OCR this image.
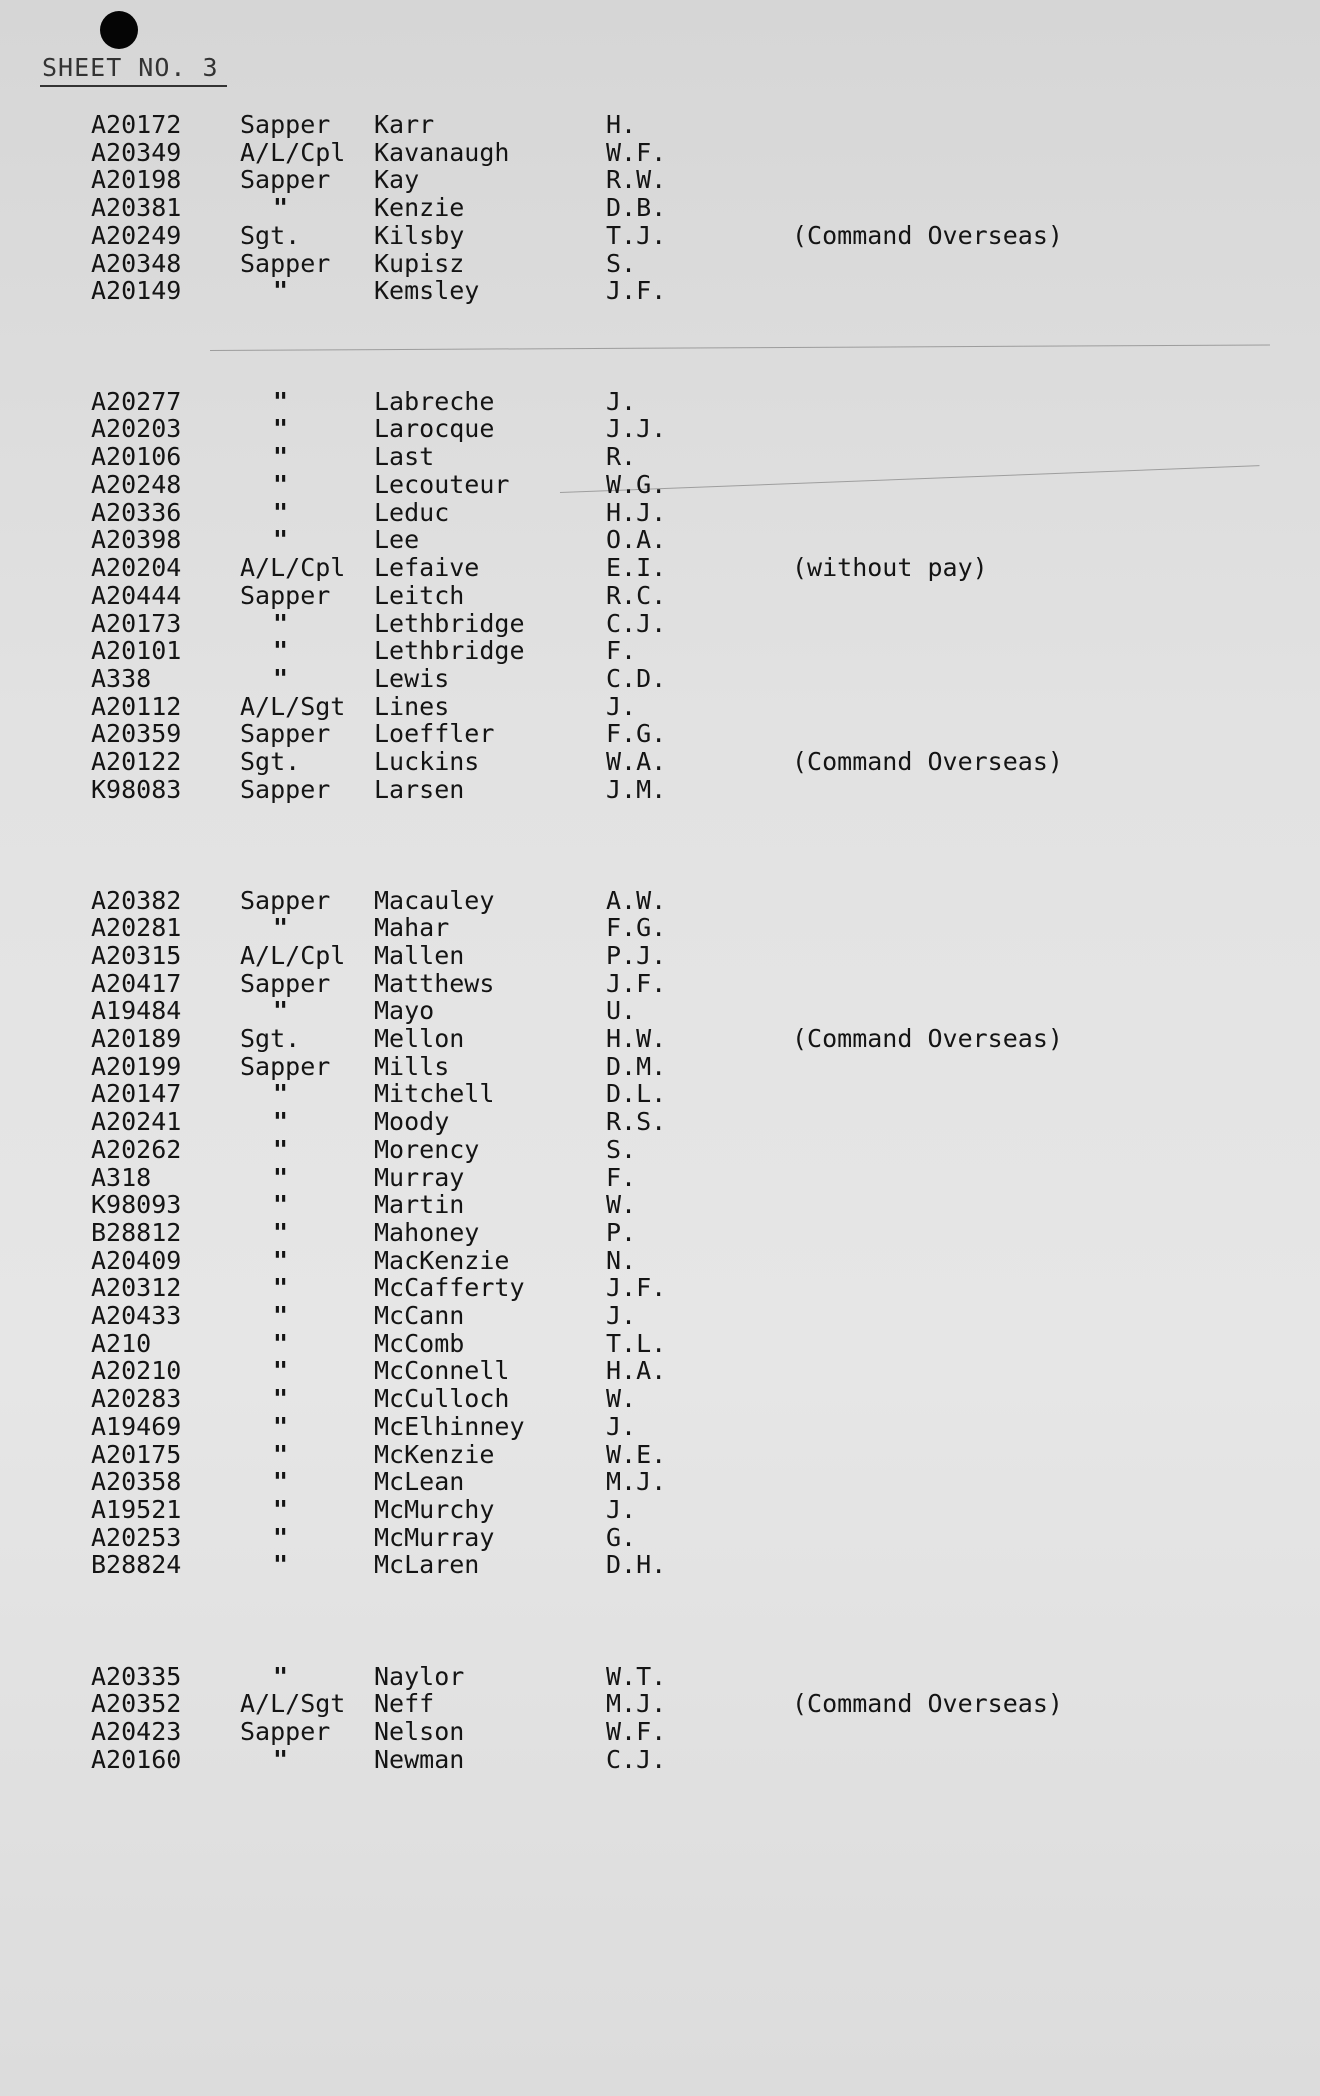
SHEET NO. 3
A20172 Sapper Karr	H.
A20349 A/L/Cpl Kavanaugh	W.F.
A20198 Sapper Kay	R.W.
A20381	"	Kenzie	D.B.
A20249 Sgt.	Kilsby	T.J.	(Command Overseas)
A20348 Sapper Kupisz	S.
A20149	"	Kemsley	J.F.
A20277	"	Labreche	J.
A20203	"	Larocque	J.J.
A20106	"	Last	R.
A20248	"	Lecouteur	W.G.
A20336	"	Leduc	H.J.
A20398	"	Lee	O.A.
A20204 A/L/Cpl Lefaive	E.I.	(without pay)
A20444 Sapper Leitch	R.C.
A20173	"	Lethbridge	C.J.
A20101	"	Lethbridge	F.
A338	"	Lewis	C.D.
A20112 A/L/Sgt Lines	J.
A20359 Sapper Loeffler	F.G.
A20122 Sgt.	Luckins	W.A.	(Command Overseas)
K98083 Sapper Larsen	J.M.
A20382 Sapper Macauley	A.W.
A20281	"	Mahar	F.G.
A20315 A/L/Cpl Mallen	P.J.
A20417 Sapper Matthews	J.F.
A19484	"	Mayo	U.
A20189 Sgt.	Mellon	H.W.	(Command Overseas)
A20199 Sapper Mills	D.M.
A20147	"	Mitchell	D.L.
A20241	"	Moody	R.S.
A20262	"	Morency	S.
A318	"	Murray	F.
K98093	"	Martin	W.
B28812	"	Mahoney	P.
A20409	"	MacKenzie	N.
A20312	"	McCafferty	J.F.
A20433	"	McCann	J.
A210	"	McComb	T.L.
A20210	"	McConnell	H.A.
A20283	"	McCulloch	W.
A19469	"	McElhinney	J.
A20175	"	McKenzie	W.E.
A20358	"	McLean	M.J.
A19521	"	McMurchy	J.
A20253	"	McMurray	G.
B28824	"	McLaren	D.H.
A20335	"	Naylor	W.T.
A20352 A/L/Sgt Neff	M.J.	(Command Overseas)
A20423 Sapper Nelson	W.F.
A20160	"	Newman	C.J.
